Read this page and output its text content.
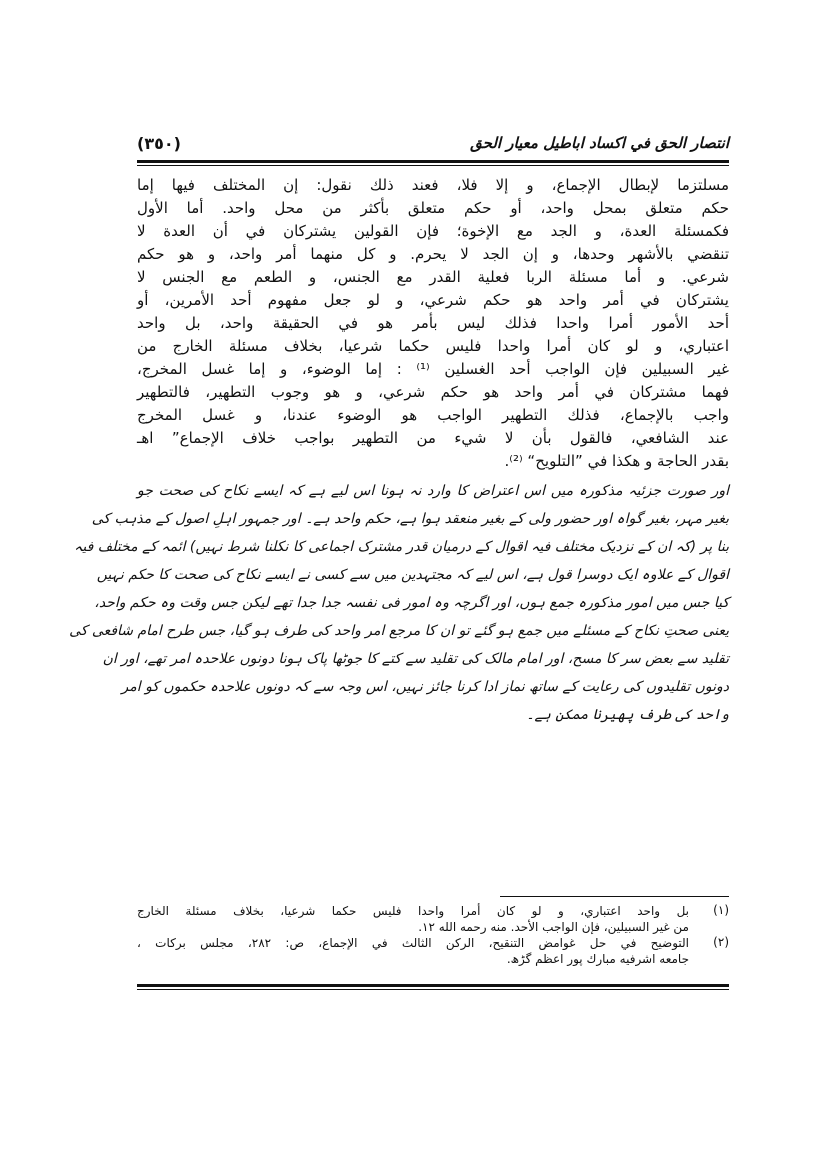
انتصار الحق في اكساد اباطيل معيار الحق
(٣٥٠)
مسلتزما لإبطال الإجماع، و إلا فلا، فعند ذلك نقول: إن المختلف فيها إما
حكم متعلق بمحل واحد، أو حكم متعلق بأكثر من محل واحد. أما الأول
فكمسئلة العدة، و الجد مع الإخوة؛ فإن القولين يشتركان في أن العدة لا
تنقضي بالأشهر وحدها، و إن الجد لا يحرم. و كل منهما أمر واحد، و هو حكم
شرعي. و أما مسئلة الربا فعلية القدر مع الجنس، و الطعم مع الجنس لا
يشتركان في أمر واحد هو حكم شرعي، و لو جعل مفهوم أحد الأمرين، أو
أحد الأمور أمرا واحدا فذلك ليس بأمر هو في الحقيقة واحد، بل واحد
اعتباري، و لو كان أمرا واحدا فليس حكما شرعيا، بخلاف مسئلة الخارج من
غير السبيلين فإن الواجب أحد الغسلين ⁽¹⁾ : إما الوضوء، و إما غسل المخرج،
فهما مشتركان في أمر واحد هو حكم شرعي، و هو وجوب التطهير، فالتطهير
واجب بالإجماع، فذلك التطهير الواجب هو الوضوء عندنا، و غسل المخرج
عند الشافعي، فالقول بأن لا شيء من التطهير بواجب خلاف الإجماع” اهـ
بقدر الحاجة و هكذا في ”التلويح“ ⁽²⁾.
اور صورت جزئیہ مذکورہ میں اس اعتراض کا وارد نہ ہونا اس لیے ہے کہ ایسے نکاح کی صحت جو
بغیر مہر، بغیر گواہ اور حضور ولی کے بغیر منعقد ہوا ہے، حکم واحد ہے۔ اور جمہور اہلِ اصول کے مذہب کی
بنا پر (کہ ان کے نزدیک مختلف فیہ اقوال کے درمیان قدر مشترک اجماعی کا نکلنا شرط نہیں) ائمہ کے مختلف فیہ
اقوال کے علاوہ ایک دوسرا قول ہے، اس لیے کہ مجتہدین میں سے کسی نے ایسے نکاح کی صحت کا حکم نہیں
کیا جس میں امور مذکورہ جمع ہوں، اور اگرچہ وہ امور فی نفسہ جدا جدا تھے لیکن جس وقت وہ حکم واحد،
یعنی صحتِ نکاح کے مسئلے میں جمع ہو گئے تو ان کا مرجع امر واحد کی طرف ہو گیا، جس طرح امام شافعی کی
تقلید سے بعض سر کا مسح، اور امام مالک کی تقلید سے کتے کا جوٹھا پاک ہونا دونوں علاحدہ امر تھے، اور ان
دونوں تقلیدوں کی رعایت کے ساتھ نماز ادا کرنا جائز نہیں، اس وجہ سے کہ دونوں علاحدہ حکموں کو امر
واحد کی طرف پھیرنا ممکن ہے۔
(١)
بل واحد اعتباري، و لو كان أمرا واحدا فليس حكما شرعيا، بخلاف مسئلة الخارج
من غير السبيلين، فإن الواجب الأحد. منه رحمه الله ١٢.
(٢)
التوضيح في حل غوامض التنقيح، الركن الثالث في الإجماع، ص: ٢٨٢، مجلس بركات ،
جامعه اشرفيه مبارك پور اعظم گڑھ.
